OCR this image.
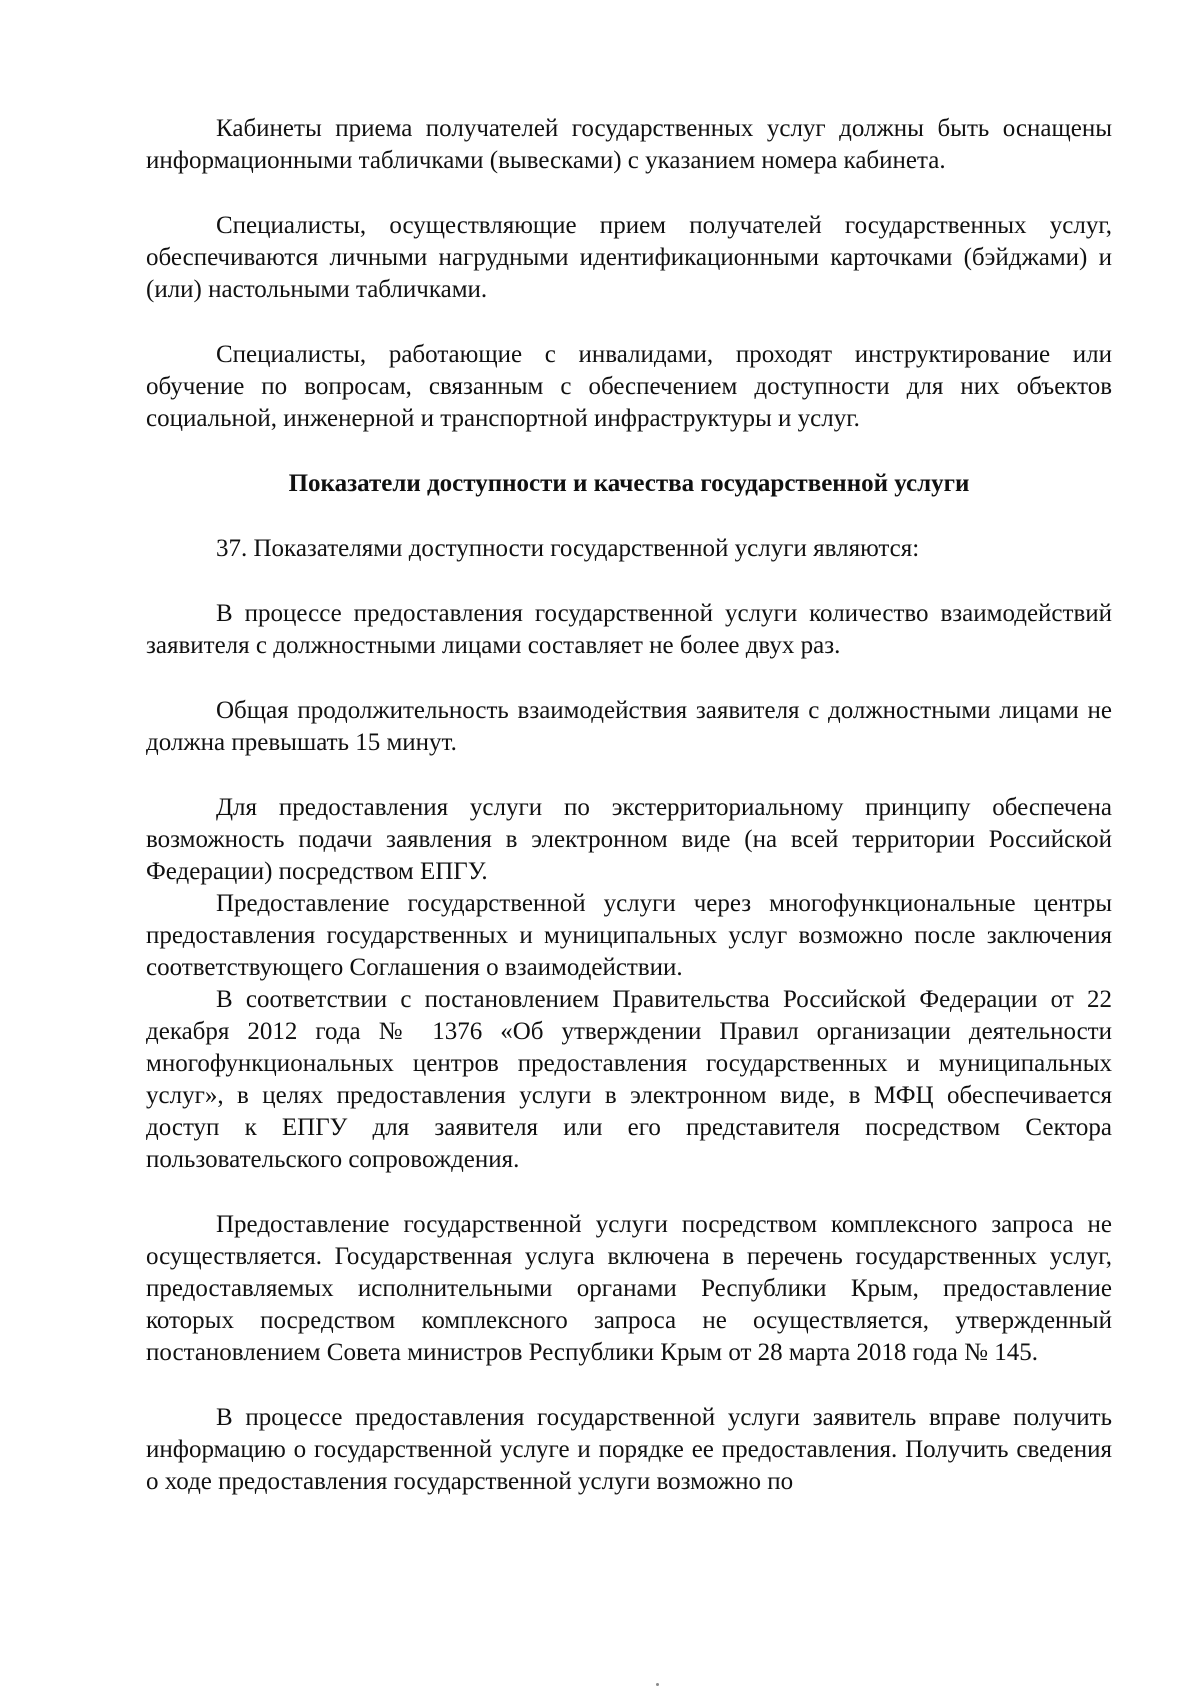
Кабинеты приема получателей государственных услуг должны быть оснащены информационными табличками (вывесками) с указанием номера кабинета.

Специалисты, осуществляющие прием получателей государственных услуг, обеспечиваются личными нагрудными идентификационными карточками (бэйджами) и (или) настольными табличками.

Специалисты, работающие с инвалидами, проходят инструктирование или обучение по вопросам, связанным с обеспечением доступности для них объектов социальной, инженерной и транспортной инфраструктуры и услуг.

Показатели доступности и качества государственной услуги

37. Показателями доступности государственной услуги являются:

В процессе предоставления государственной услуги количество взаимодействий заявителя с должностными лицами составляет не более двух раз.

Общая продолжительность взаимодействия заявителя с должностными лицами не должна превышать 15 минут.

Для предоставления услуги по экстерриториальному принципу обеспечена возможность подачи заявления в электронном виде (на всей территории Российской Федерации) посредством ЕПГУ.

Предоставление государственной услуги через многофункциональные центры предоставления государственных и муниципальных услуг возможно после заключения соответствующего Соглашения о взаимодействии.

В соответствии с постановлением Правительства Российской Федерации от 22 декабря 2012 года № 1376 «Об утверждении Правил организации деятельности многофункциональных центров предоставления государственных и муниципальных услуг», в целях предоставления услуги в электронном виде, в МФЦ обеспечивается доступ к ЕПГУ для заявителя или его представителя посредством Сектора пользовательского сопровождения.

Предоставление государственной услуги посредством комплексного запроса не осуществляется. Государственная услуга включена в перечень государственных услуг, предоставляемых исполнительными органами Республики Крым, предоставление которых посредством комплексного запроса не осуществляется, утвержденный постановлением Совета министров Республики Крым от 28 марта 2018 года № 145.

В процессе предоставления государственной услуги заявитель вправе получить информацию о государственной услуге и порядке ее предоставления. Получить сведения о ходе предоставления государственной услуги возможно по
